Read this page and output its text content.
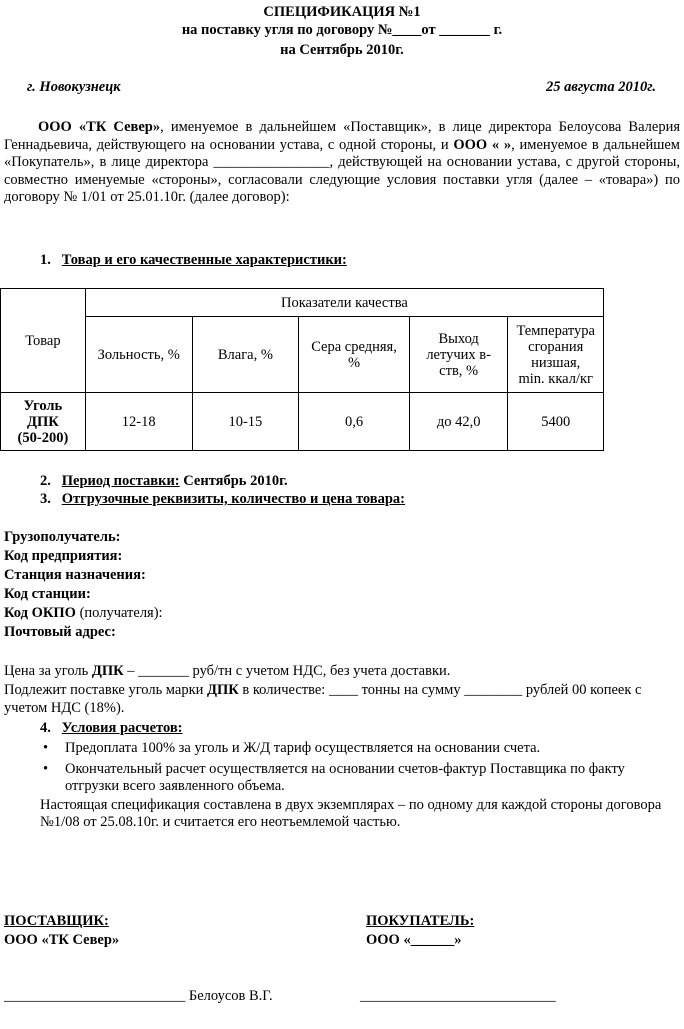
СПЕЦИФИКАЦИЯ №1
на поставку угля по договору №____от _______ г.
на Сентябрь 2010г.
г. Новокузнецк	25 августа 2010г.
ООО «ТК Север», именуемое в дальнейшем «Поставщик», в лице директора Белоусова Валерия Геннадьевича, действующего на основании устава, с одной стороны, и ООО « », именуемое в дальнейшем «Покупатель», в лице директора ________________, действующей на основании устава, с другой стороны, совместно именуемые «стороны», согласовали следующие условия поставки угля (далее – «товара») по договору № 1/01 от 25.01.10г. (далее договор):
1. Товар и его качественные характеристики:
Товар	Показатели качества				
	Зольность, %	Влага, %	Сера средняя, %	Выход летучих в-ств, %	Температура сгорания низшая, min. ккал/кг
Уголь ДПК (50-200)	12-18	10-15	0,6	до 42,0	5400
2. Период поставки: Сентябрь 2010г.
3. Отгрузочные реквизиты, количество и цена товара:
Грузополучатель:
Код предприятия:
Станция назначения:
Код станции:
Код ОКПО (получателя):
Почтовый адрес:
Цена за уголь ДПК – _______ руб/тн с учетом НДС, без учета доставки.
Подлежит поставке уголь марки ДПК в количестве: ____ тонны на сумму ________ рублей 00 копеек с учетом НДС (18%).
4. Условия расчетов:
• Предоплата 100% за уголь и Ж/Д тариф осуществляется на основании счета.
• Окончательный расчет осуществляется на основании счетов-фактур Поставщика по факту отгрузки всего заявленного объема.
Настоящая спецификация составлена в двух экземплярах – по одному для каждой стороны договора №1/08 от 25.08.10г. и считается его неотъемлемой частью.
ПОСТАВЩИК:
ООО «ТК Север»
ПОКУПАТЕЛЬ:
ООО «______»
_________________________ Белоусов В.Г.	___________________________
